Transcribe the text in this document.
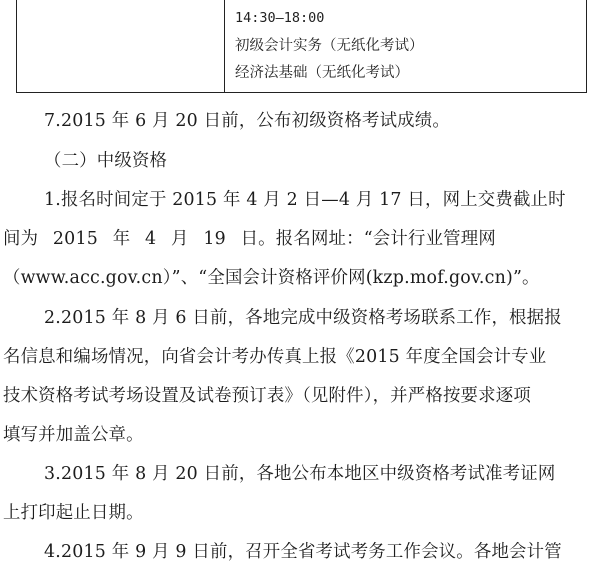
14:30—18:00
初级会计实务（无纸化考试）
经济法基础（无纸化考试）
7.2015 年 6 月 20 日前，公布初级资格考试成绩。
（二）中级资格
1.报名时间定于 2015 年 4 月 2 日—4 月 17 日，网上交费截止时
间为 2015 年 4 月 19 日。报名网址：“会计行业管理网
（www.acc.gov.cn）”、“全国会计资格评价网(kzp.mof.gov.cn)”。
2.2015 年 8 月 6 日前，各地完成中级资格考场联系工作，根据报
名信息和编场情况，向省会计考办传真上报《2015 年度全国会计专业
技术资格考试考场设置及试卷预订表》（见附件），并严格按要求逐项
填写并加盖公章。
3.2015 年 8 月 20 日前，各地公布本地区中级资格考试准考证网
上打印起止日期。
4.2015 年 9 月 9 日前，召开全省考试考务工作会议。各地会计管
